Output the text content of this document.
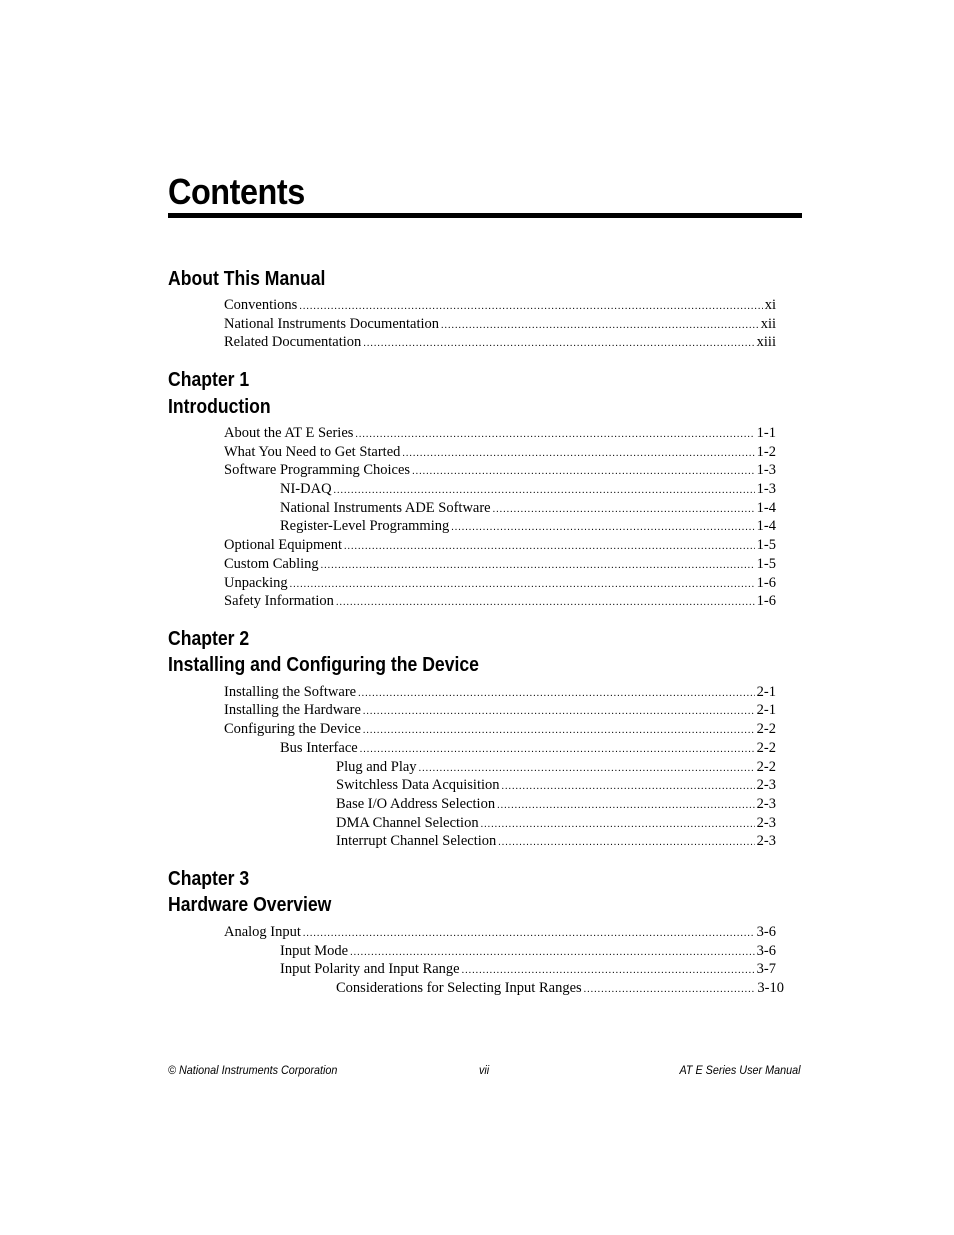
Contents
About This Manual
Conventions .....	xi
National Instruments Documentation .....	xii
Related Documentation .....	xiii
Chapter 1
Introduction
About the AT E Series .....	1-1
What You Need to Get Started .....	1-2
Software Programming Choices .....	1-3
NI-DAQ .....	1-3
National Instruments ADE Software .....	1-4
Register-Level Programming .....	1-4
Optional Equipment .....	1-5
Custom Cabling .....	1-5
Unpacking .....	1-6
Safety Information .....	1-6
Chapter 2
Installing and Configuring the Device
Installing the Software .....	2-1
Installing the Hardware .....	2-1
Configuring the Device .....	2-2
Bus Interface .....	2-2
Plug and Play .....	2-2
Switchless Data Acquisition .....	2-3
Base I/O Address Selection .....	2-3
DMA Channel Selection .....	2-3
Interrupt Channel Selection .....	2-3
Chapter 3
Hardware Overview
Analog Input .....	3-6
Input Mode .....	3-6
Input Polarity and Input Range .....	3-7
Considerations for Selecting Input Ranges .....	3-10
© National Instruments Corporation	vii	AT E Series User Manual
